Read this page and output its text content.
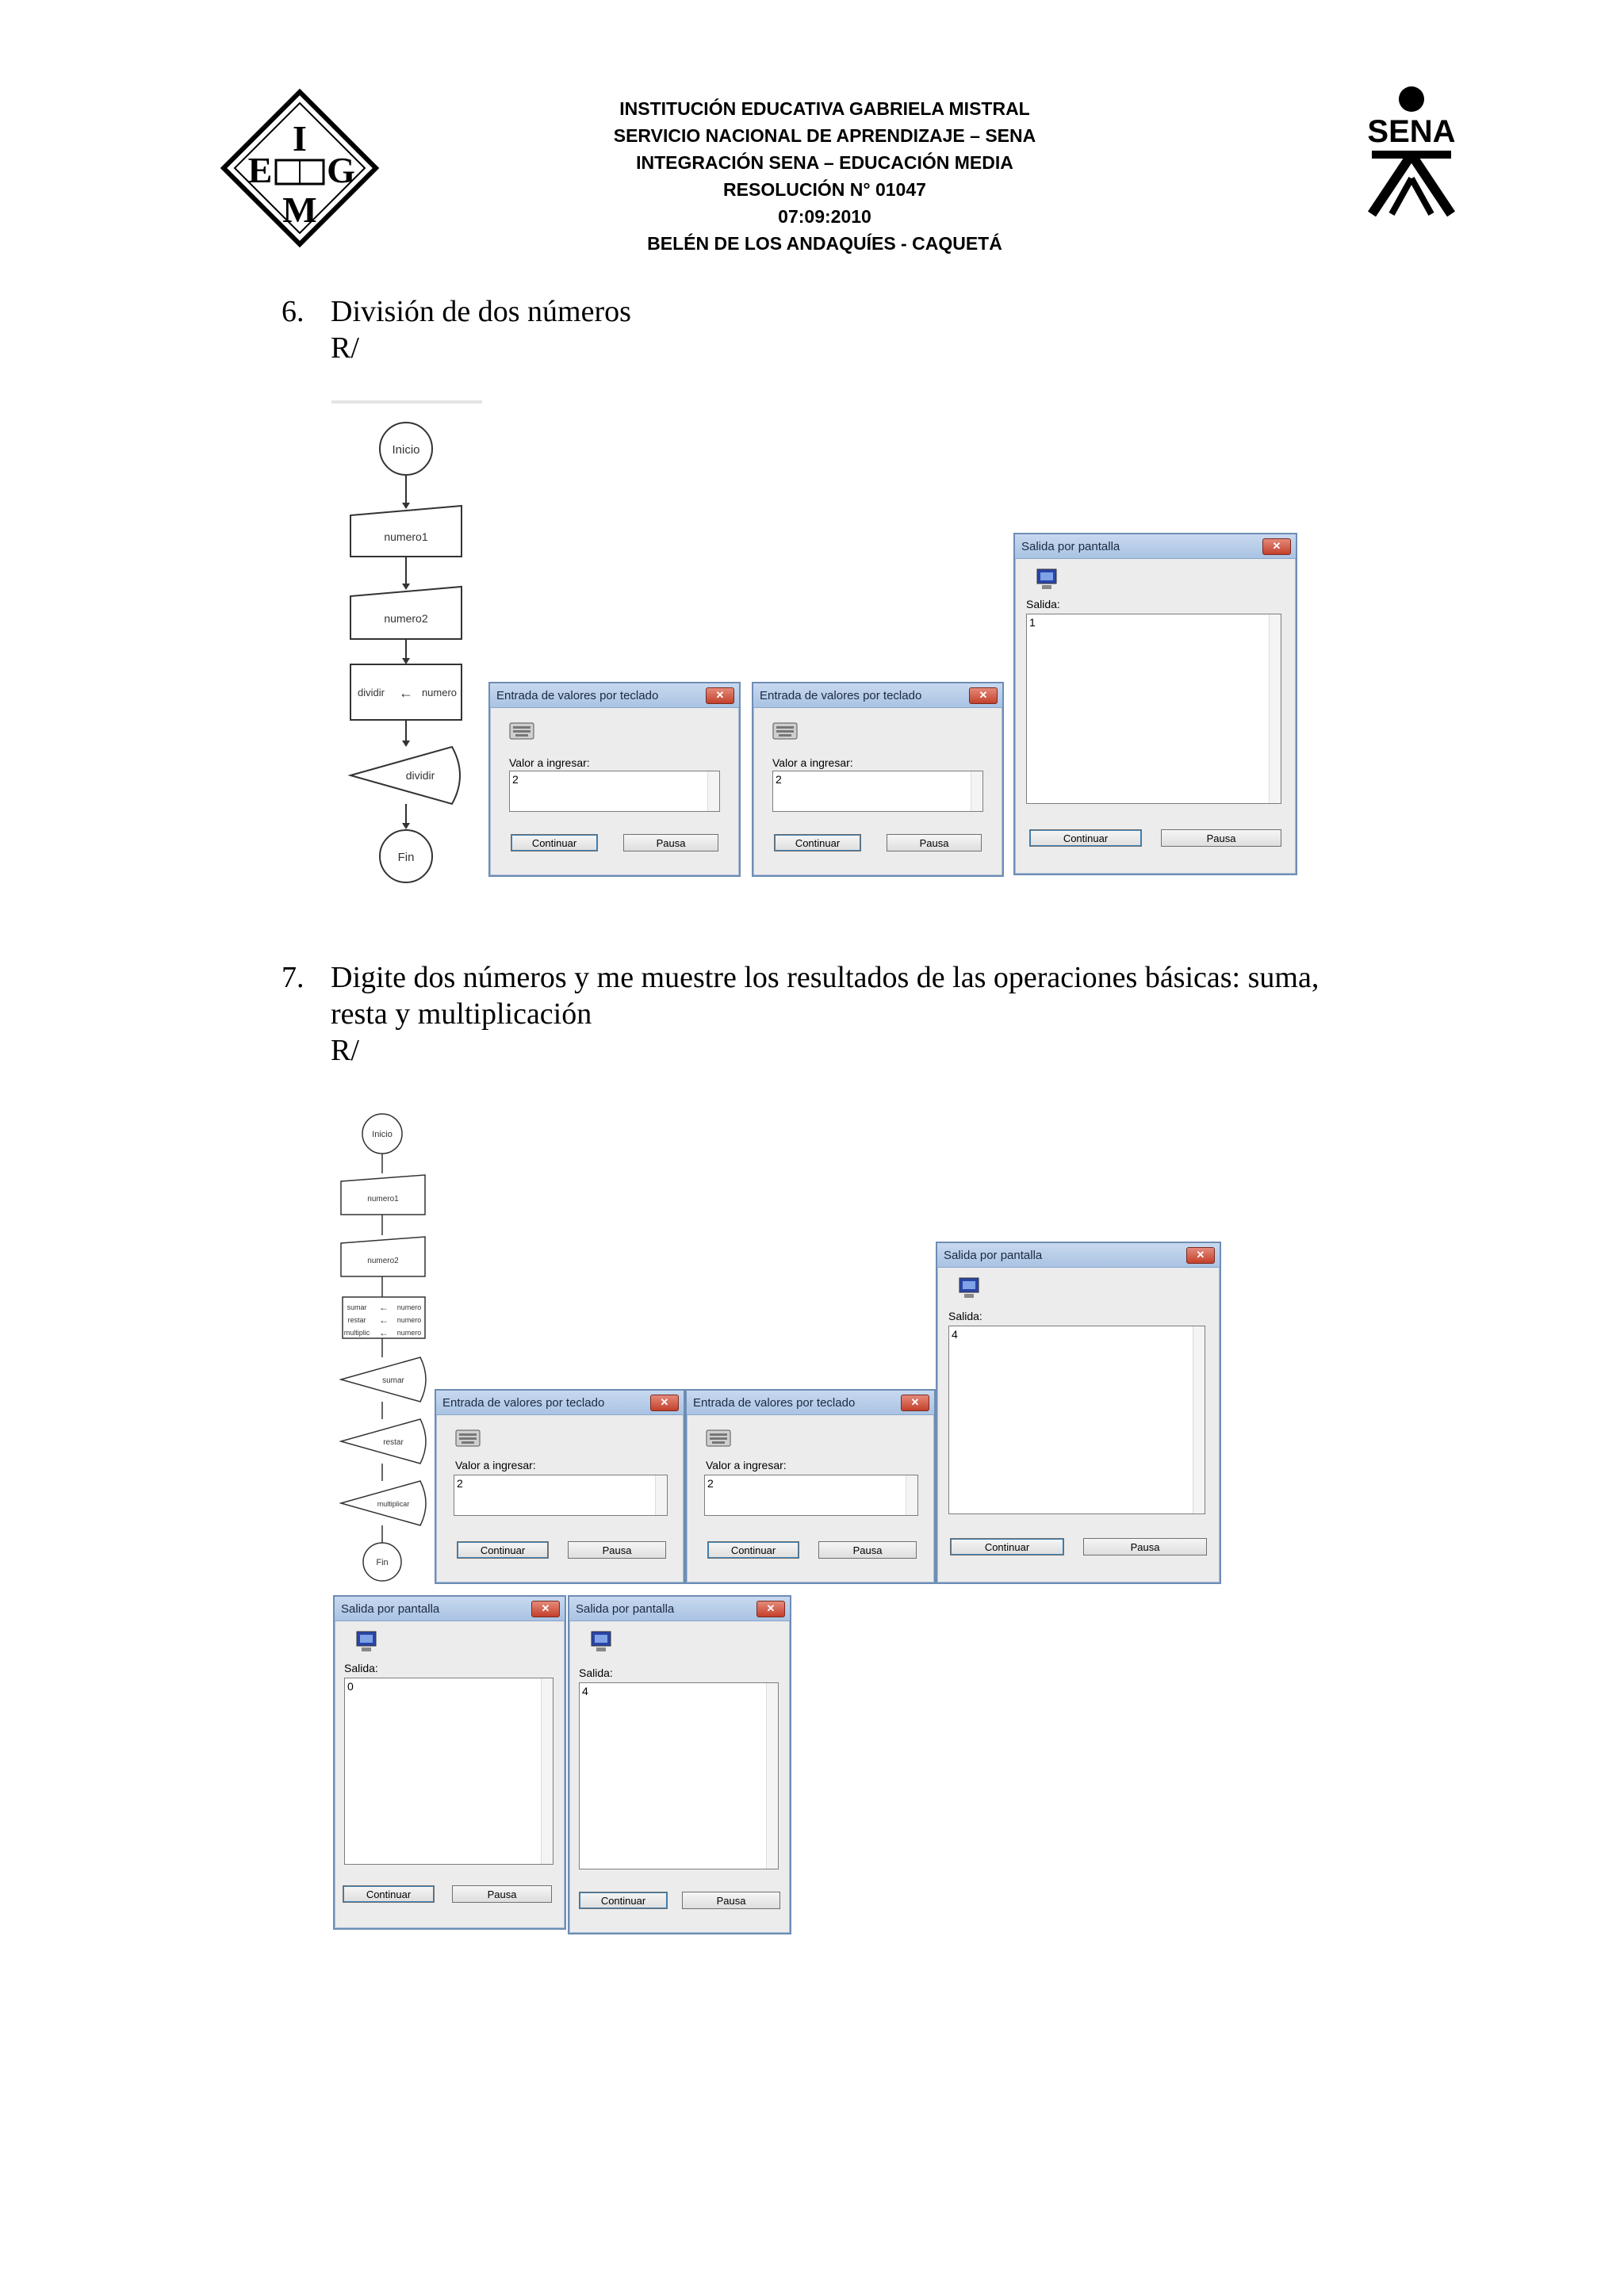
I
E G
M
INSTITUCIÓN EDUCATIVA GABRIELA MISTRAL
SERVICIO NACIONAL DE APRENDIZAJE – SENA
INTEGRACIÓN SENA – EDUCACIÓN MEDIA
RESOLUCIÓN N° 01047
07:09:2010
BELÉN DE LOS ANDAQUÍES - CAQUETÁ
SENA
6. División de dos números
R/
Inicio
numero1
numero2
dividir ← numero
dividir
Fin
Entrada de valores por teclado	✕
Valor a ingresar:
2
Continuar	Pausa
Entrada de valores por teclado	✕
Valor a ingresar:
2
Continuar	Pausa
Salida por pantalla	✕
Salida:
1
Continuar	Pausa
7. Digite dos números y me muestre los resultados de las operaciones básicas: suma,
resta y multiplicación
R/
Inicio
numero1
numero2
sumar ← numero
restar ← numero
multiplic ← numero
sumar
restar
multiplicar
Fin
Entrada de valores por teclado	✕
Valor a ingresar:
2
Continuar	Pausa
Entrada de valores por teclado	✕
Valor a ingresar:
2
Continuar	Pausa
Salida por pantalla	✕
Salida:
4
Continuar	Pausa
Salida por pantalla	✕
Salida:
0
Continuar	Pausa
Salida por pantalla	✕
Salida:
4
Continuar	Pausa
